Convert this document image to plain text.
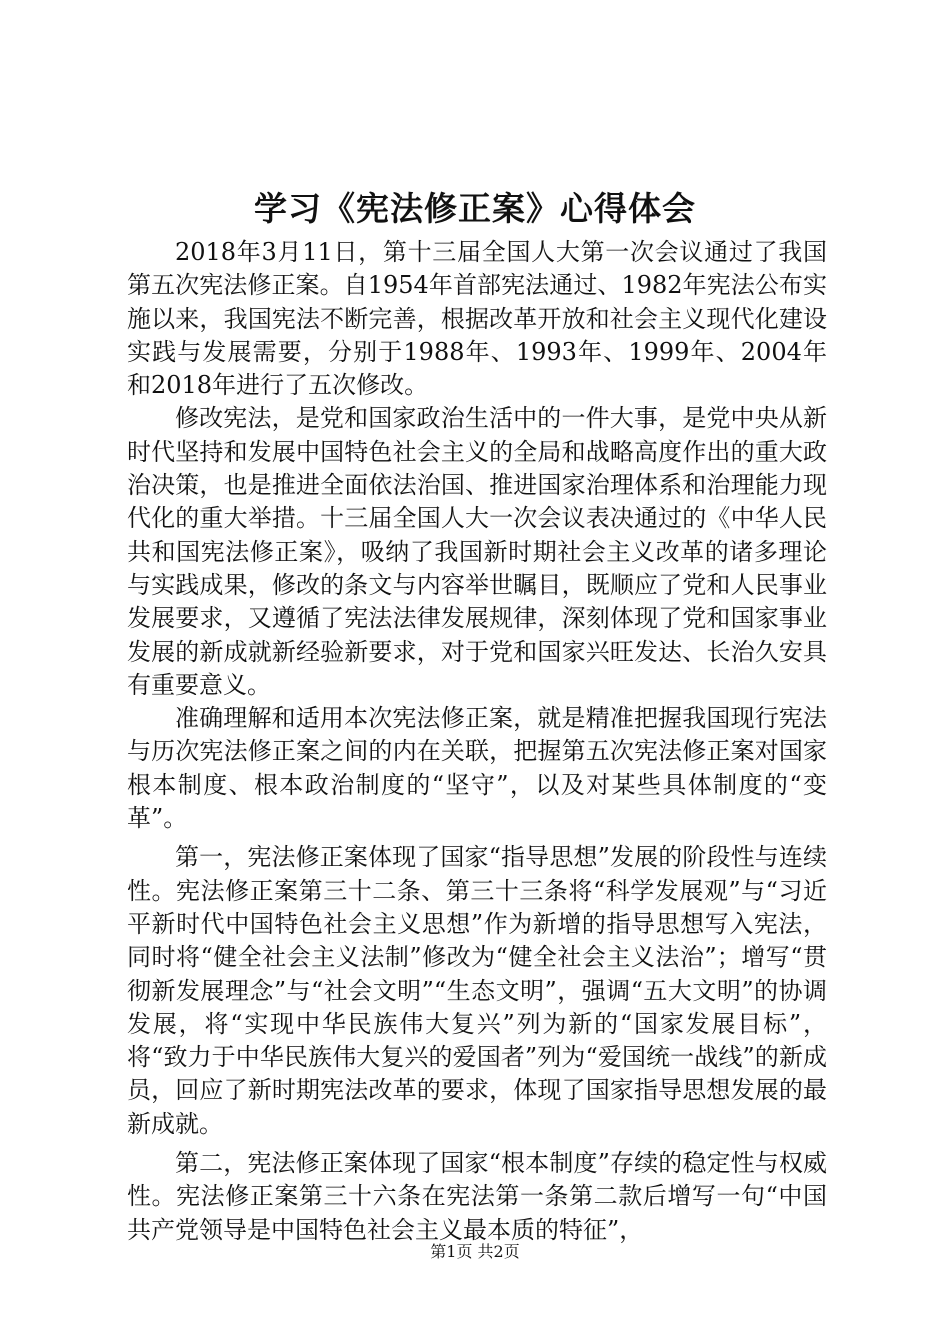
学习《宪法修正案》心得体会

2018年3月11日，第十三届全国人大第一次会议通过了我国第五次宪法修正案。自1954年首部宪法通过、1982年宪法公布实施以来，我国宪法不断完善，根据改革开放和社会主义现代化建设实践与发展需要，分别于1988年、1993年、1999年、2004年和2018年进行了五次修改。

修改宪法，是党和国家政治生活中的一件大事，是党中央从新时代坚持和发展中国特色社会主义的全局和战略高度作出的重大政治决策，也是推进全面依法治国、推进国家治理体系和治理能力现代化的重大举措。十三届全国人大一次会议表决通过的《中华人民共和国宪法修正案》，吸纳了我国新时期社会主义改革的诸多理论与实践成果，修改的条文与内容举世瞩目，既顺应了党和人民事业发展要求，又遵循了宪法法律发展规律，深刻体现了党和国家事业发展的新成就新经验新要求，对于党和国家兴旺发达、长治久安具有重要意义。

准确理解和适用本次宪法修正案，就是精准把握我国现行宪法与历次宪法修正案之间的内在关联，把握第五次宪法修正案对国家根本制度、根本政治制度的“坚守”，以及对某些具体制度的“变革”。

第一，宪法修正案体现了国家“指导思想”发展的阶段性与连续性。宪法修正案第三十二条、第三十三条将“科学发展观”与“习近平新时代中国特色社会主义思想”作为新增的指导思想写入宪法，同时将“健全社会主义法制”修改为“健全社会主义法治”；增写“贯彻新发展理念”与“社会文明”“生态文明”，强调“五大文明”的协调发展，将“实现中华民族伟大复兴”列为新的“国家发展目标”，将“致力于中华民族伟大复兴的爱国者”列为“爱国统一战线”的新成员，回应了新时期宪法改革的要求，体现了国家指导思想发展的最新成就。

第二，宪法修正案体现了国家“根本制度”存续的稳定性与权威性。宪法修正案第三十六条在宪法第一条第二款后增写一句“中国共产党领导是中国特色社会主义最本质的特征”，

第1页 共2页
